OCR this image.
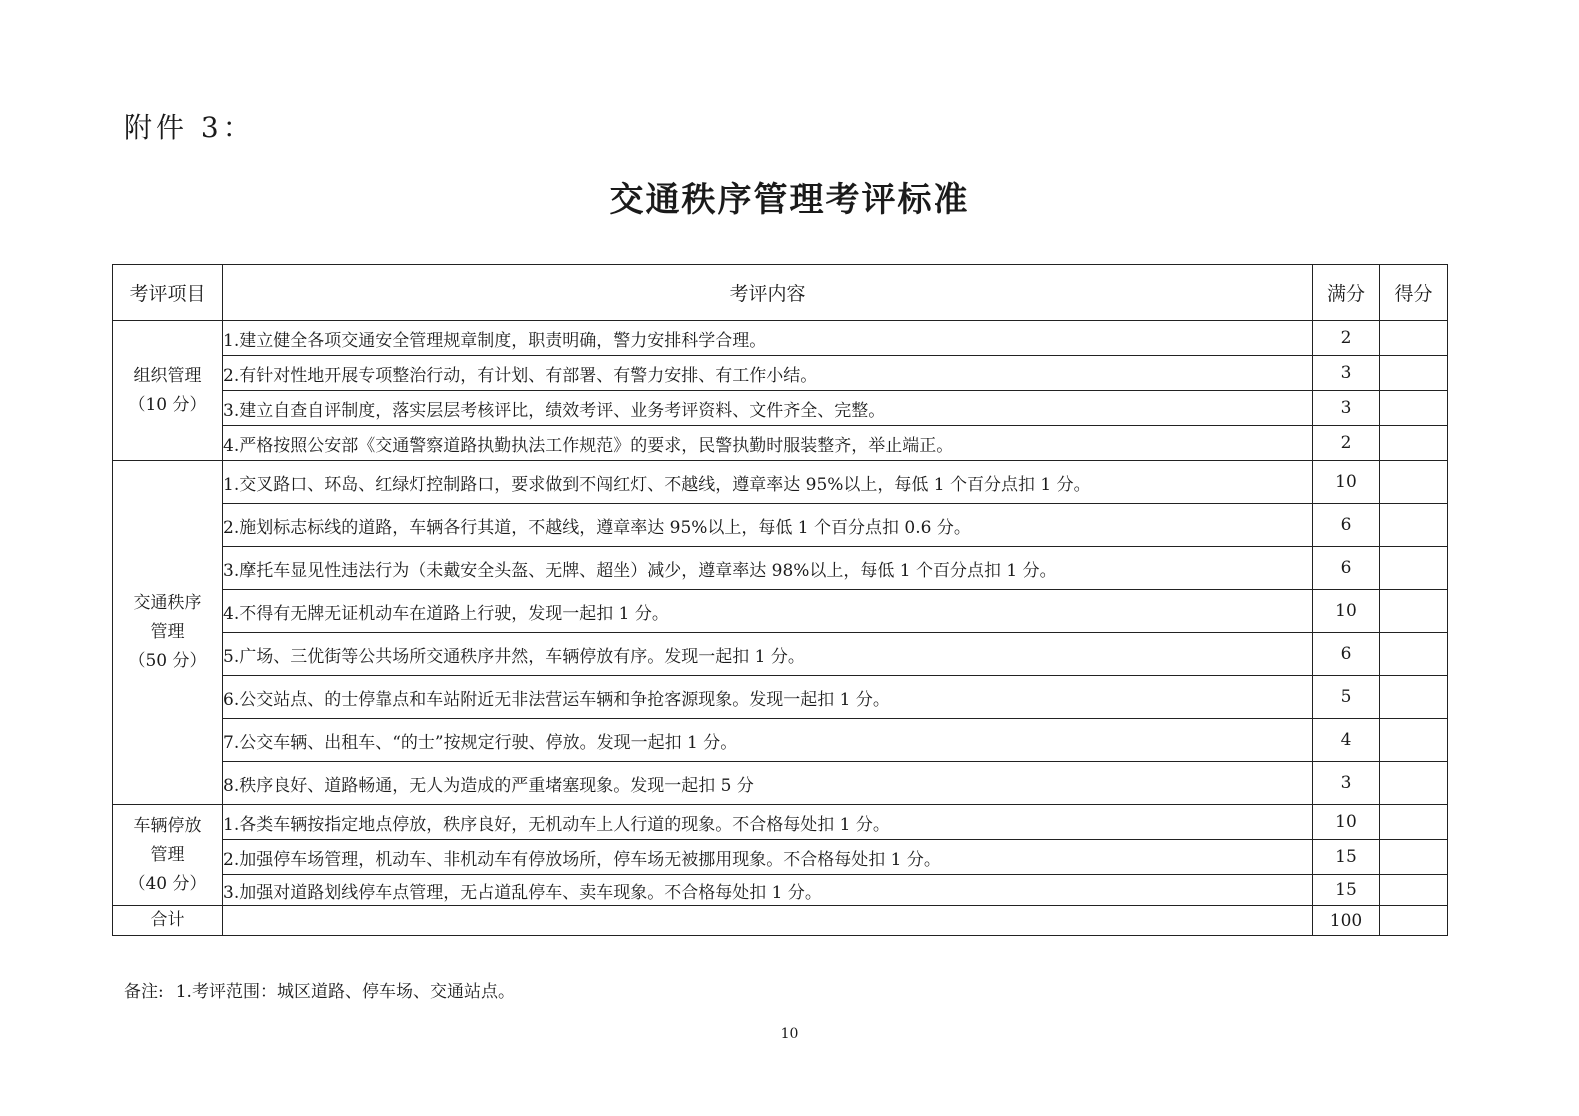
附件 3：
交通秩序管理考评标准
考评项目	考评内容	满分	得分

组织管理
（10 分）	1.建立健全各项交通安全管理规章制度，职责明确，警力安排科学合理。	2	
	2.有针对性地开展专项整治行动，有计划、有部署、有警力安排、有工作小结。	3	
	3.建立自查自评制度，落实层层考核评比，绩效考评、业务考评资料、文件齐全、完整。	3	
	4.严格按照公安部《交通警察道路执勤执法工作规范》的要求，民警执勤时服装整齐，举止端正。	2	

交通秩序
管理
（50 分）	1.交叉路口、环岛、红绿灯控制路口，要求做到不闯红灯、不越线，遵章率达 95%以上，每低 1 个百分点扣 1 分。	10	
	2.施划标志标线的道路，车辆各行其道，不越线，遵章率达 95%以上，每低 1 个百分点扣 0.6 分。	6	
	3.摩托车显见性违法行为（未戴安全头盔、无牌、超坐）减少，遵章率达 98%以上，每低 1 个百分点扣 1 分。	6	
	4.不得有无牌无证机动车在道路上行驶，发现一起扣 1 分。	10	
	5.广场、三优街等公共场所交通秩序井然，车辆停放有序。发现一起扣 1 分。	6	
	6.公交站点、的士停靠点和车站附近无非法营运车辆和争抢客源现象。发现一起扣 1 分。	5	
	7.公交车辆、出租车、“的士”按规定行驶、停放。发现一起扣 1 分。	4	
	8.秩序良好、道路畅通，无人为造成的严重堵塞现象。发现一起扣 5 分	3	

车辆停放
管理
（40 分）	1.各类车辆按指定地点停放，秩序良好，无机动车上人行道的现象。不合格每处扣 1 分。	10	
	2.加强停车场管理，机动车、非机动车有停放场所，停车场无被挪用现象。不合格每处扣 1 分。	15	
	3.加强对道路划线停车点管理，无占道乱停车、卖车现象。不合格每处扣 1 分。	15	
合计		100	
备注: 1.考评范围：城区道路、停车场、交通站点。
10
